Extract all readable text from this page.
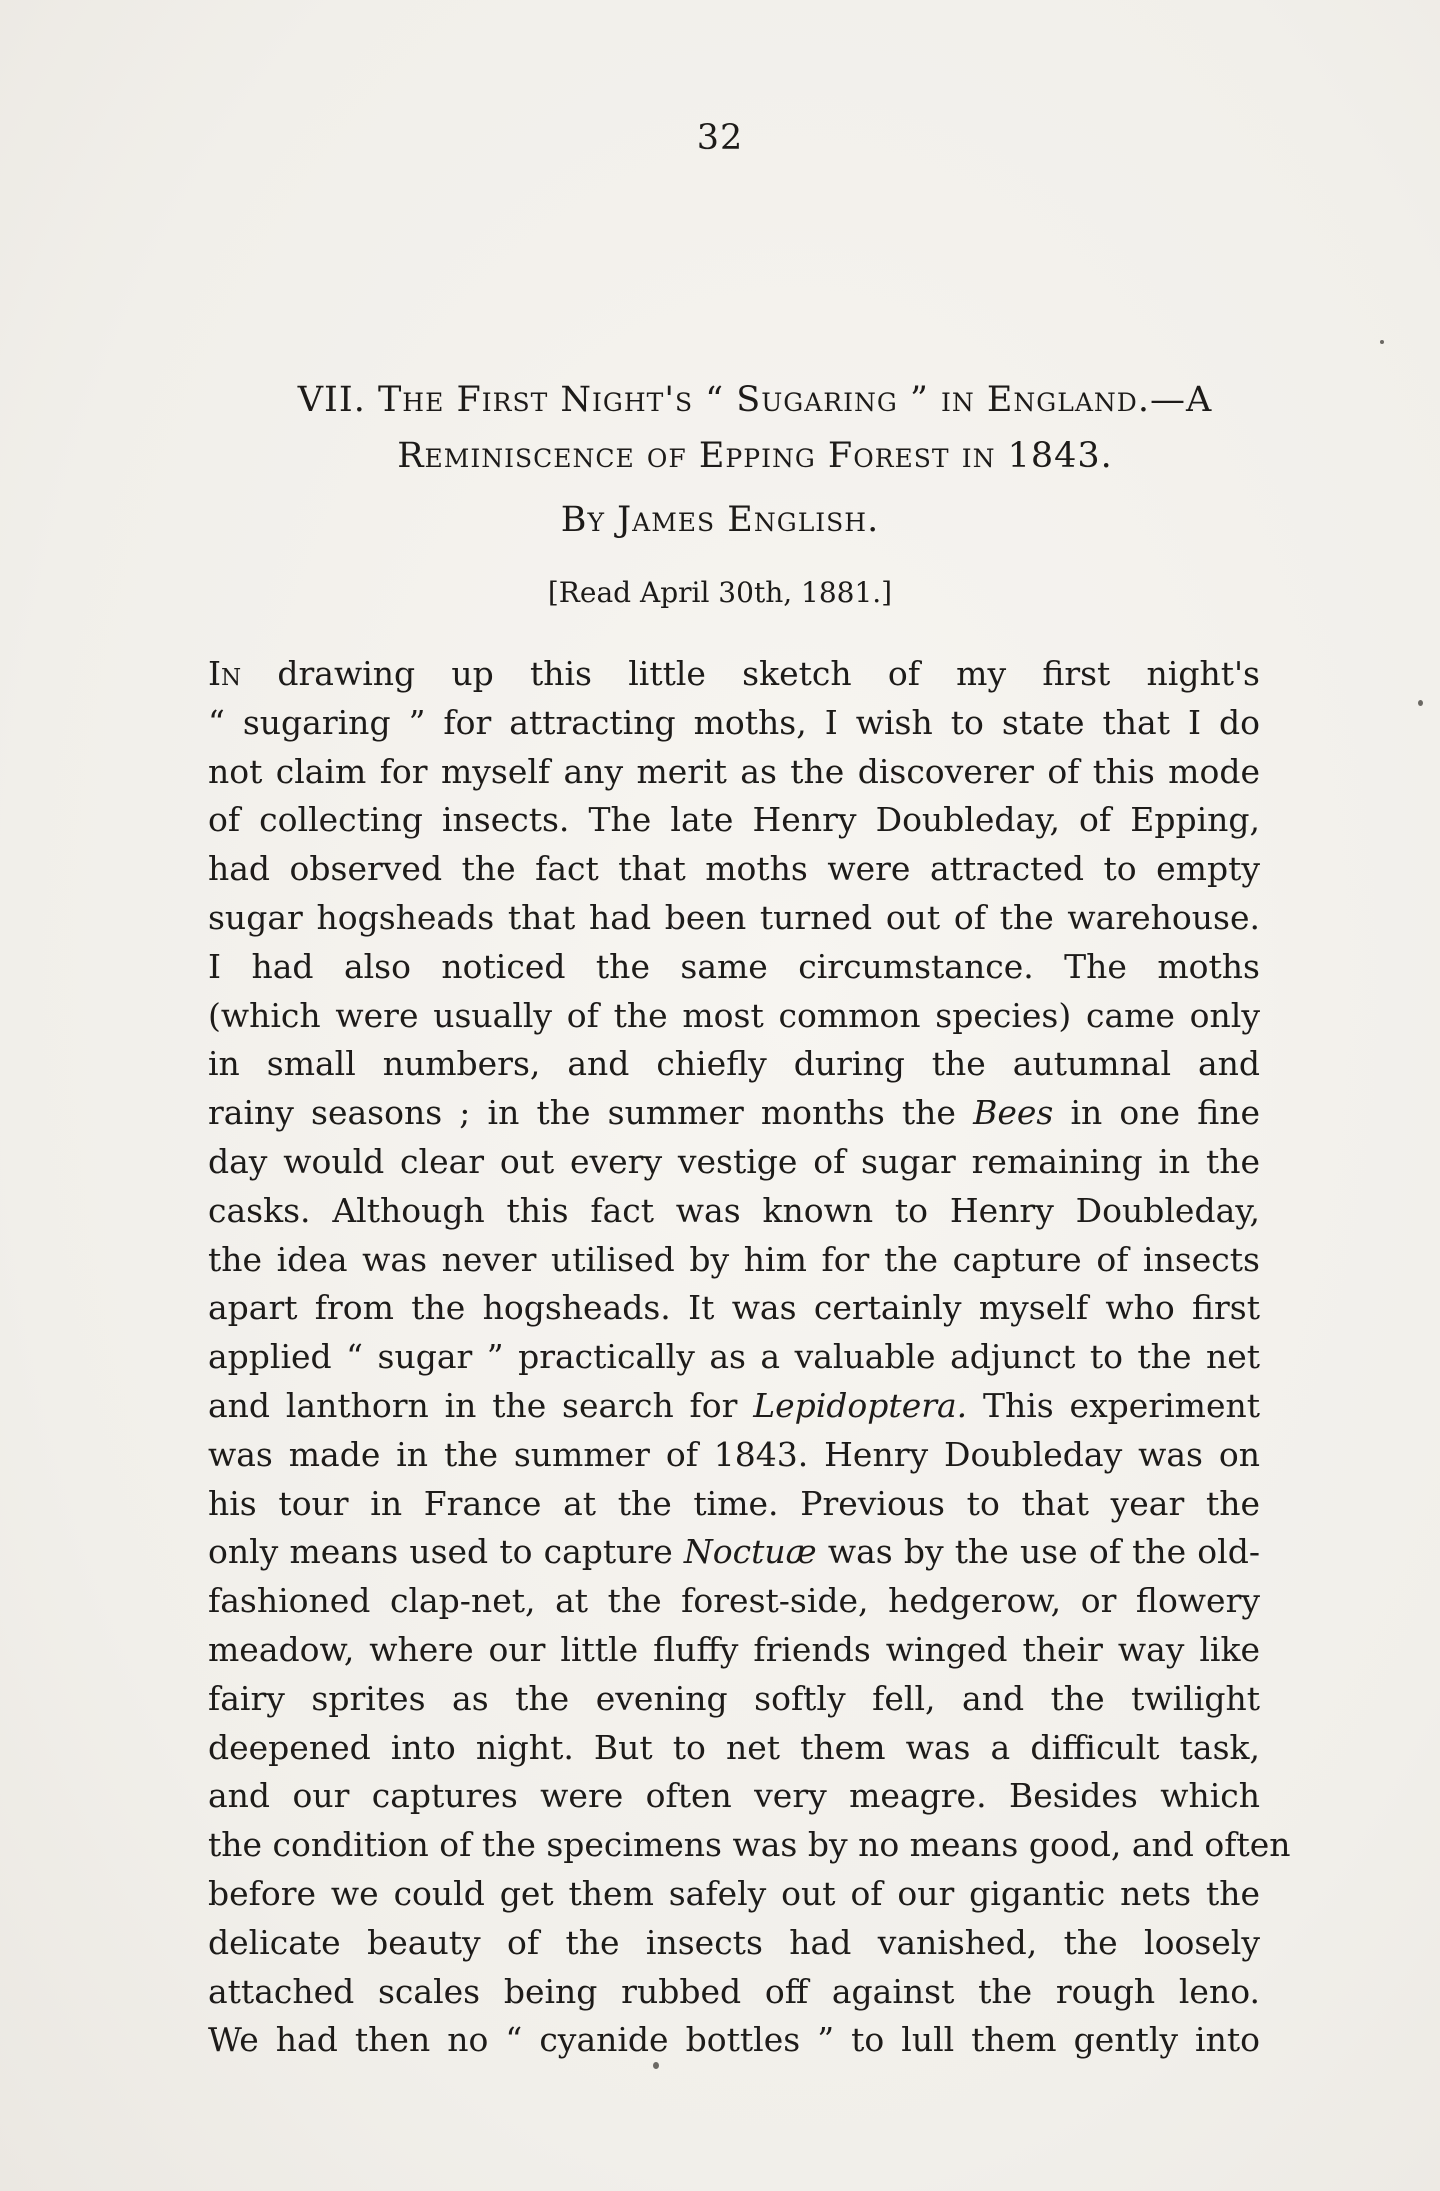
32
VII. The First Night's “ Sugaring ” in England.—A
Reminiscence of Epping Forest in 1843.
By James English.
[Read April 30th, 1881.]
In drawing up this little sketch of my first night's
“ sugaring ” for attracting moths, I wish to state that I do
not claim for myself any merit as the discoverer of this mode
of collecting insects. The late Henry Doubleday, of Epping,
had observed the fact that moths were attracted to empty
sugar hogsheads that had been turned out of the warehouse.
I had also noticed the same circumstance. The moths
(which were usually of the most common species) came only
in small numbers, and chiefly during the autumnal and
rainy seasons ; in the summer months the Bees in one fine
day would clear out every vestige of sugar remaining in the
casks. Although this fact was known to Henry Doubleday,
the idea was never utilised by him for the capture of insects
apart from the hogsheads. It was certainly myself who first
applied “ sugar ” practically as a valuable adjunct to the net
and lanthorn in the search for Lepidoptera. This experiment
was made in the summer of 1843. Henry Doubleday was on
his tour in France at the time. Previous to that year the
only means used to capture Noctuæ was by the use of the old-
fashioned clap-net, at the forest-side, hedgerow, or flowery
meadow, where our little fluffy friends winged their way like
fairy sprites as the evening softly fell, and the twilight
deepened into night. But to net them was a difficult task,
and our captures were often very meagre. Besides which
the condition of the specimens was by no means good, and often
before we could get them safely out of our gigantic nets the
delicate beauty of the insects had vanished, the loosely
attached scales being rubbed off against the rough leno.
We had then no “ cyanide bottles ” to lull them gently into
